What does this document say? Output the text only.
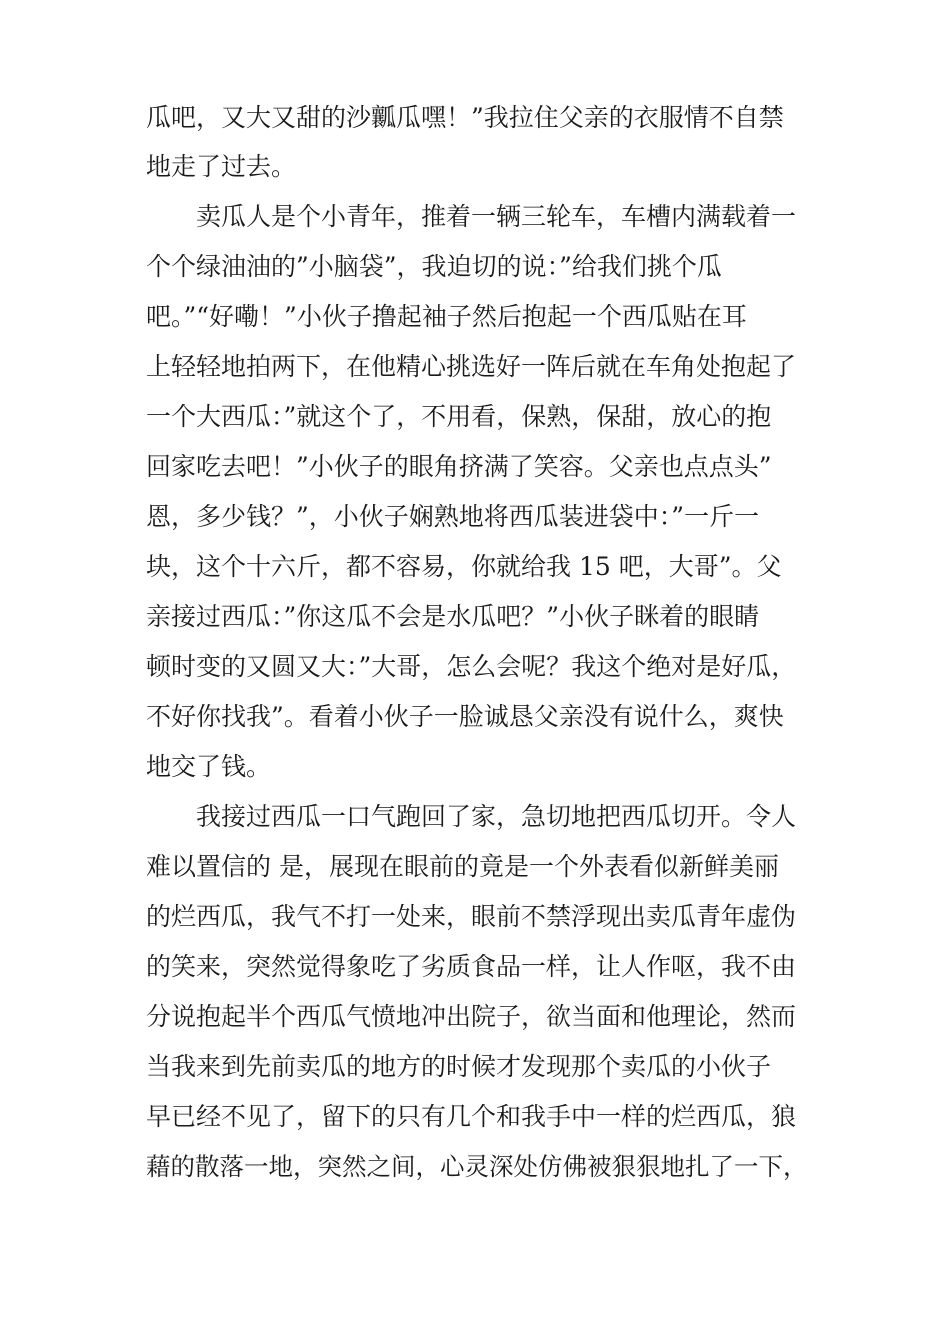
瓜吧，又大又甜的沙瓤瓜嘿！”我拉住父亲的衣服情不自禁
地走了过去。
卖瓜人是个小青年，推着一辆三轮车，车槽内满载着一
个个绿油油的”小脑袋”，我迫切的说：”给我们挑个瓜
吧。”“好嘞！”小伙子撸起袖子然后抱起一个西瓜贴在耳
上轻轻地拍两下，在他精心挑选好一阵后就在车角处抱起了
一个大西瓜：”就这个了，不用看，保熟，保甜，放心的抱
回家吃去吧！”小伙子的眼角挤满了笑容。父亲也点点头”
恩，多少钱？”，小伙子娴熟地将西瓜装进袋中：”一斤一
块，这个十六斤，都不容易，你就给我 15 吧，大哥”。父
亲接过西瓜：”你这瓜不会是水瓜吧？”小伙子眯着的眼睛
顿时变的又圆又大：”大哥，怎么会呢？我这个绝对是好瓜，
不好你找我”。看着小伙子一脸诚恳父亲没有说什么，爽快
地交了钱。
我接过西瓜一口气跑回了家，急切地把西瓜切开。令人
难以置信的 是，展现在眼前的竟是一个外表看似新鲜美丽
的烂西瓜，我气不打一处来，眼前不禁浮现出卖瓜青年虚伪
的笑来，突然觉得象吃了劣质食品一样，让人作呕，我不由
分说抱起半个西瓜气愤地冲出院子，欲当面和他理论，然而
当我来到先前卖瓜的地方的时候才发现那个卖瓜的小伙子
早已经不见了，留下的只有几个和我手中一样的烂西瓜，狼
藉的散落一地，突然之间，心灵深处仿佛被狠狠地扎了一下，
